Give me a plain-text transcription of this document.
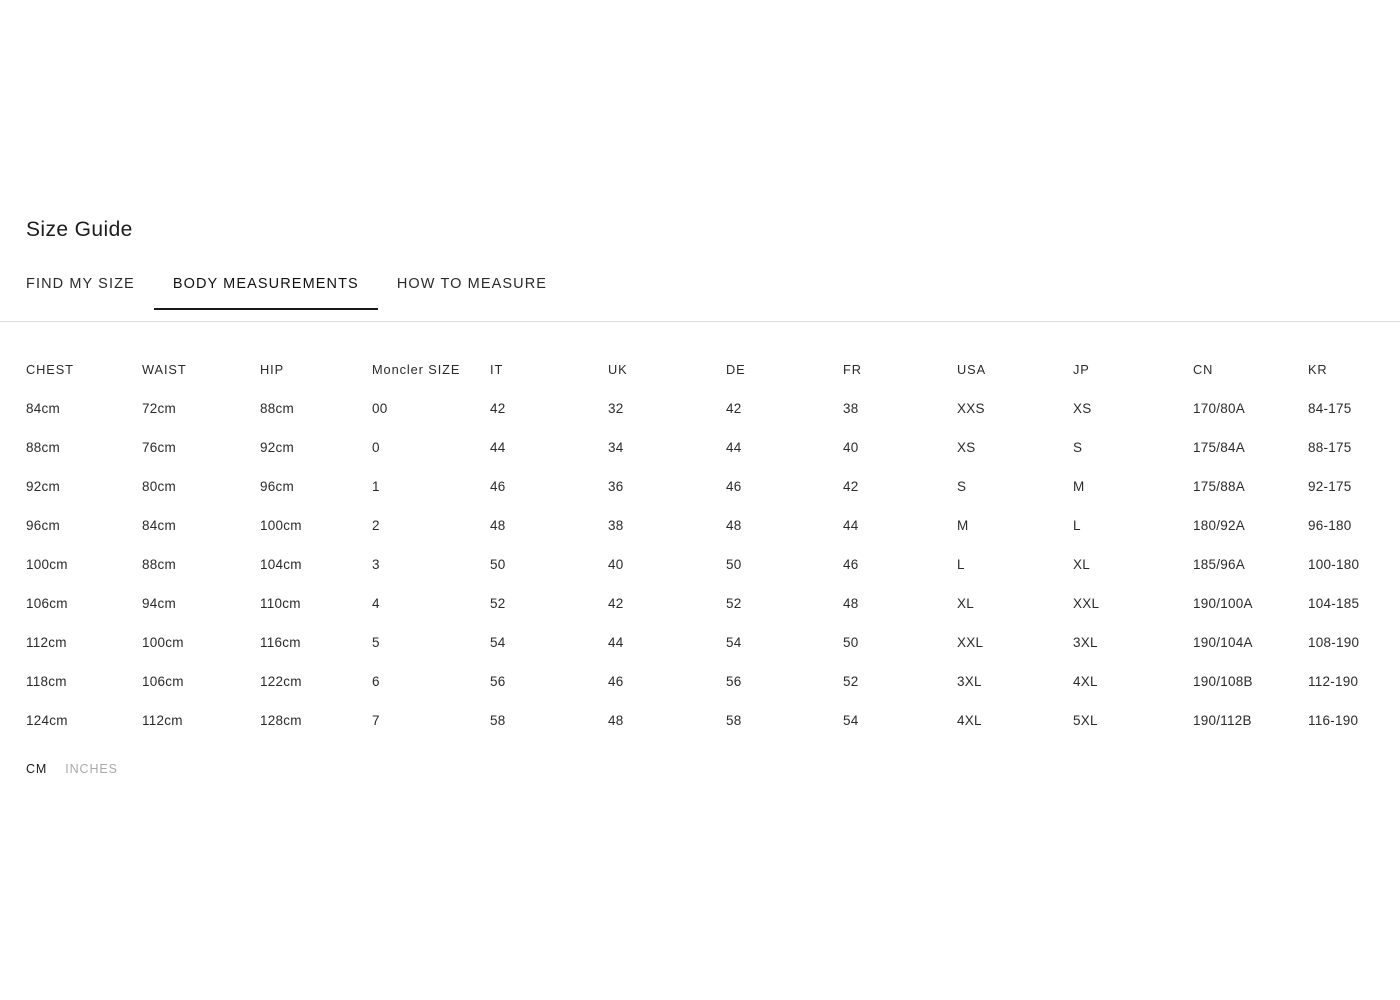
Size Guide
FIND MY SIZE	BODY MEASUREMENTS	HOW TO MEASURE
CHEST	WAIST	HIP	Moncler SIZE	IT	UK	DE	FR	USA	JP	CN	KR
84cm	72cm	88cm	00	42	32	42	38	XXS	XS	170/80A	84-175
88cm	76cm	92cm	0	44	34	44	40	XS	S	175/84A	88-175
92cm	80cm	96cm	1	46	36	46	42	S	M	175/88A	92-175
96cm	84cm	100cm	2	48	38	48	44	M	L	180/92A	96-180
100cm	88cm	104cm	3	50	40	50	46	L	XL	185/96A	100-180
106cm	94cm	110cm	4	52	42	52	48	XL	XXL	190/100A	104-185
112cm	100cm	116cm	5	54	44	54	50	XXL	3XL	190/104A	108-190
118cm	106cm	122cm	6	56	46	56	52	3XL	4XL	190/108B	112-190
124cm	112cm	128cm	7	58	48	58	54	4XL	5XL	190/112B	116-190
CM INCHES
